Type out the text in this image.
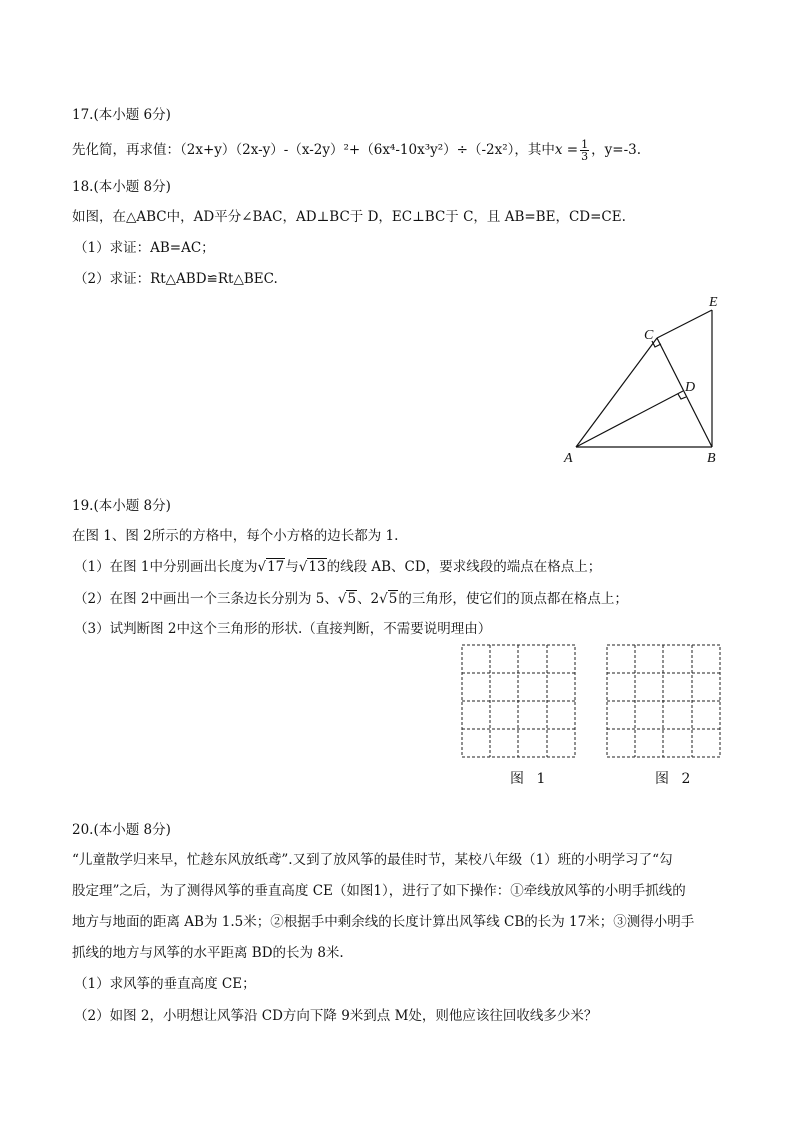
17.(本小题 6分)
先化简，再求值：（2x+y）（2x-y）-（x-2y）²+（6x⁴-10x³y²）÷（-2x²），其中$x = \frac{1}{3}$ ，y=-3.
18.(本小题 8分)
如图，在△ABC中，AD平分∠BAC，AD⊥BC于 D，EC⊥BC于 C，且 AB=BE，CD=CE.
（1）求证：AB=AC；
（2）求证：Rt△ABD≌Rt△BEC.
E
C
D
A	B
19.(本小题 8分)
在图 1、图 2所示的方格中，每个小方格的边长都为 1.
（1）在图 1中分别画出长度为√17与√13的线段 AB、CD，要求线段的端点在格点上；
（2）在图 2中画出一个三条边长分别为 5、√5、2√5的三角形，使它们的顶点都在格点上；
（3）试判断图 2中这个三角形的形状.（直接判断，不需要说明理由）
图 1	图 2
20.(本小题 8分)
“儿童散学归来早，忙趁东风放纸鸢”.又到了放风筝的最佳时节，某校八年级（1）班的小明学习了“勾
股定理”之后，为了测得风筝的垂直高度 CE（如图1），进行了如下操作：①牵线放风筝的小明手抓线的
地方与地面的距离 AB为 1.5米；②根据手中剩余线的长度计算出风筝线 CB的长为 17米；③测得小明手
抓线的地方与风筝的水平距离 BD的长为 8米.
（1）求风筝的垂直高度 CE；
（2）如图 2，小明想让风筝沿 CD方向下降 9米到点 M处，则他应该往回收线多少米？
